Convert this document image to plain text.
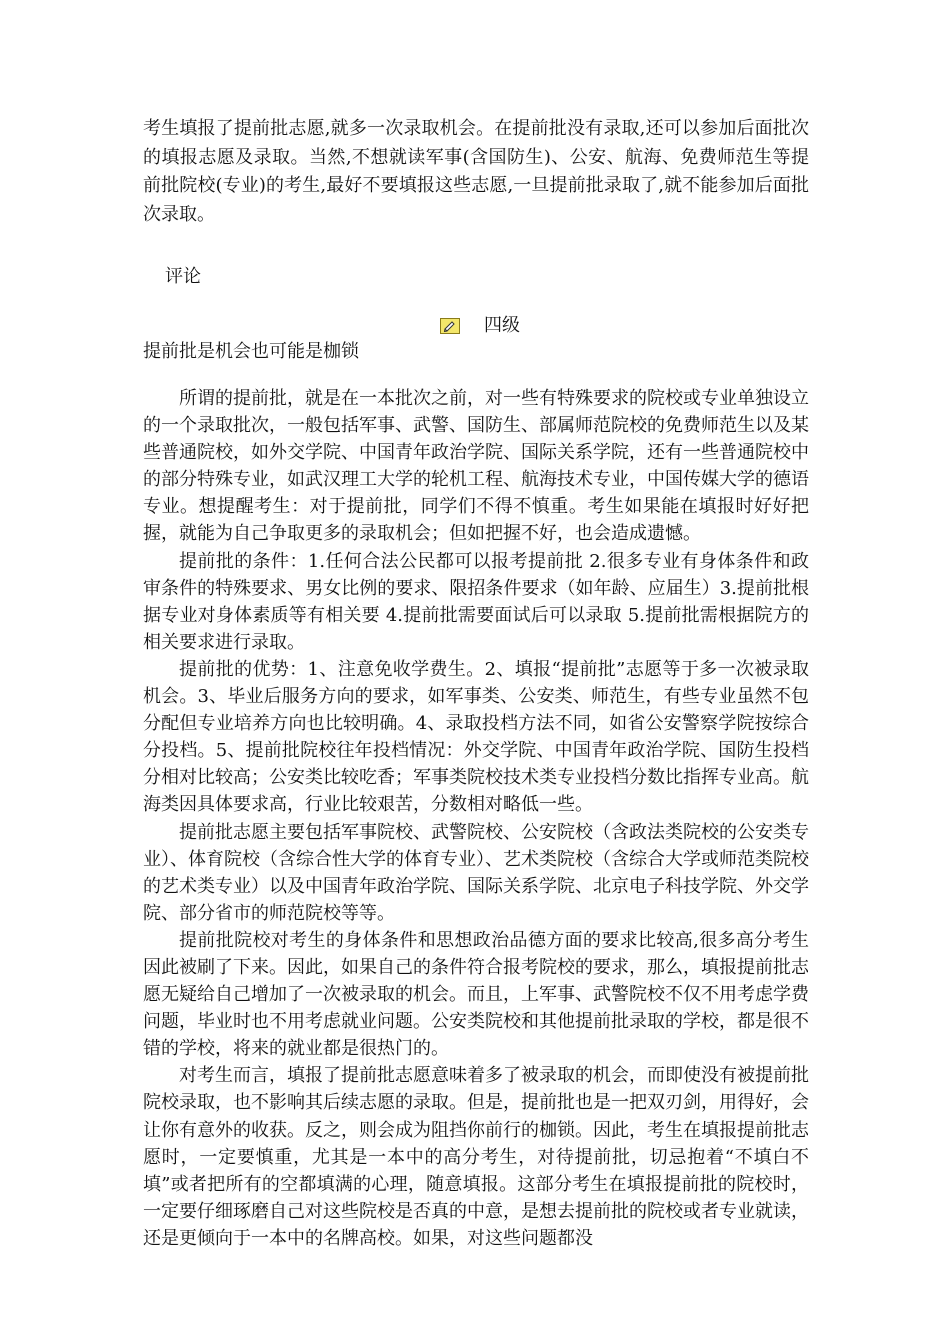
考生填报了提前批志愿,就多一次录取机会。在提前批没有录取,还可以参加后面批次的填报志愿及录取。当然,不想就读军事(含国防生)、公安、航海、免费师范生等提前批院校(专业)的考生,最好不要填报这些志愿,一旦提前批录取了,就不能参加后面批次录取。

评论

四级

提前批是机会也可能是枷锁

所谓的提前批，就是在一本批次之前，对一些有特殊要求的院校或专业单独设立的一个录取批次，一般包括军事、武警、国防生、部属师范院校的免费师范生以及某些普通院校，如外交学院、中国青年政治学院、国际关系学院，还有一些普通院校中的部分特殊专业，如武汉理工大学的轮机工程、航海技术专业，中国传媒大学的德语专业。想提醒考生：对于提前批，同学们不得不慎重。考生如果能在填报时好好把握，就能为自己争取更多的录取机会；但如把握不好，也会造成遗憾。

提前批的条件：1.任何合法公民都可以报考提前批 2.很多专业有身体条件和政审条件的特殊要求、男女比例的要求、限招条件要求（如年龄、应届生）3.提前批根据专业对身体素质等有相关要 4.提前批需要面试后可以录取 5.提前批需根据院方的相关要求进行录取。

提前批的优势：1、注意免收学费生。2、填报“提前批”志愿等于多一次被录取机会。3、毕业后服务方向的要求，如军事类、公安类、师范生，有些专业虽然不包分配但专业培养方向也比较明确。4、录取投档方法不同，如省公安警察学院按综合分投档。5、提前批院校往年投档情况：外交学院、中国青年政治学院、国防生投档分相对比较高；公安类比较吃香；军事类院校技术类专业投档分数比指挥专业高。航海类因具体要求高，行业比较艰苦，分数相对略低一些。

提前批志愿主要包括军事院校、武警院校、公安院校（含政法类院校的公安类专业）、体育院校（含综合性大学的体育专业）、艺术类院校（含综合大学或师范类院校的艺术类专业）以及中国青年政治学院、国际关系学院、北京电子科技学院、外交学院、部分省市的师范院校等等。

提前批院校对考生的身体条件和思想政治品德方面的要求比较高,很多高分考生因此被刷了下来。因此，如果自己的条件符合报考院校的要求，那么，填报提前批志愿无疑给自己增加了一次被录取的机会。而且，上军事、武警院校不仅不用考虑学费问题，毕业时也不用考虑就业问题。公安类院校和其他提前批录取的学校，都是很不错的学校，将来的就业都是很热门的。

对考生而言，填报了提前批志愿意味着多了被录取的机会，而即使没有被提前批院校录取，也不影响其后续志愿的录取。但是，提前批也是一把双刃剑，用得好，会让你有意外的收获。反之，则会成为阻挡你前行的枷锁。因此，考生在填报提前批志愿时，一定要慎重，尤其是一本中的高分考生，对待提前批，切忌抱着“不填白不填”或者把所有的空都填满的心理，随意填报。这部分考生在填报提前批的院校时，一定要仔细琢磨自己对这些院校是否真的中意，是想去提前批的院校或者专业就读，还是更倾向于一本中的名牌高校。如果，对这些问题都没
